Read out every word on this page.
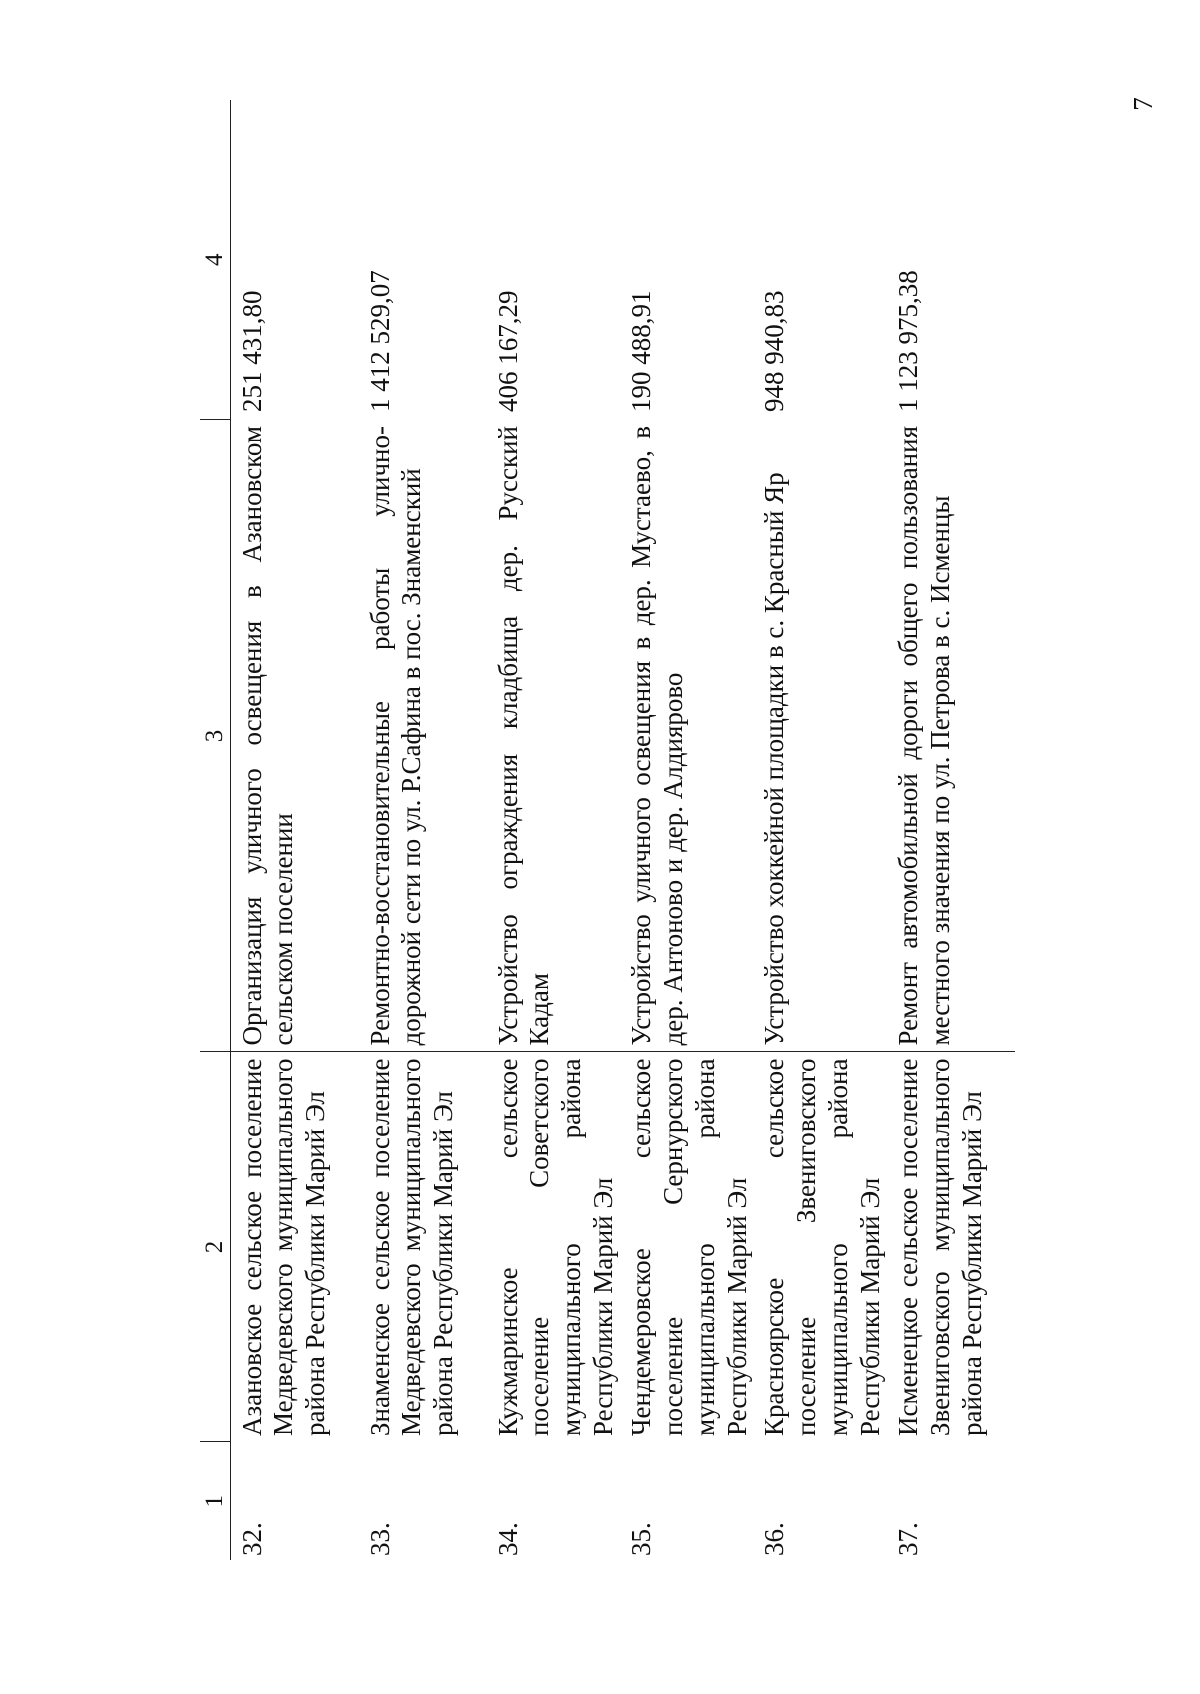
7
1	2	3	4
32.	Азановское сельское поселение Медведевского муниципального района Республики Марий Эл	Организация уличного освещения в Азановском сельском поселении	251 431,80
33.	Знаменское сельское поселение Медведевского муниципального района Республики Марий Эл	Ремонтно-восстановительные работы улично-дорожной сети по ул. Р.Сафина в пос. Знаменский	1 412 529,07
34.	Кужмаринское сельское поселение Советского муниципального района Республики Марий Эл	Устройство ограждения кладбища дер. Русский Кадам	406 167,29
35.	Чендемеровское сельское поселение Сернурского муниципального района Республики Марий Эл	Устройство уличного освещения в дер. Мустаево, в дер. Антоново и дер. Алдиярово	190 488,91
36.	Красноярское сельское поселение Звениговского муниципального района Республики Марий Эл	Устройство хоккейной площадки в с. Красный Яр	948 940,83
37.	Исменецкое сельское поселение Звениговского муниципального района Республики Марий Эл	Ремонт автомобильной дороги общего пользования местного значения по ул. Петрова в с. Исменцы	1 123 975,38
